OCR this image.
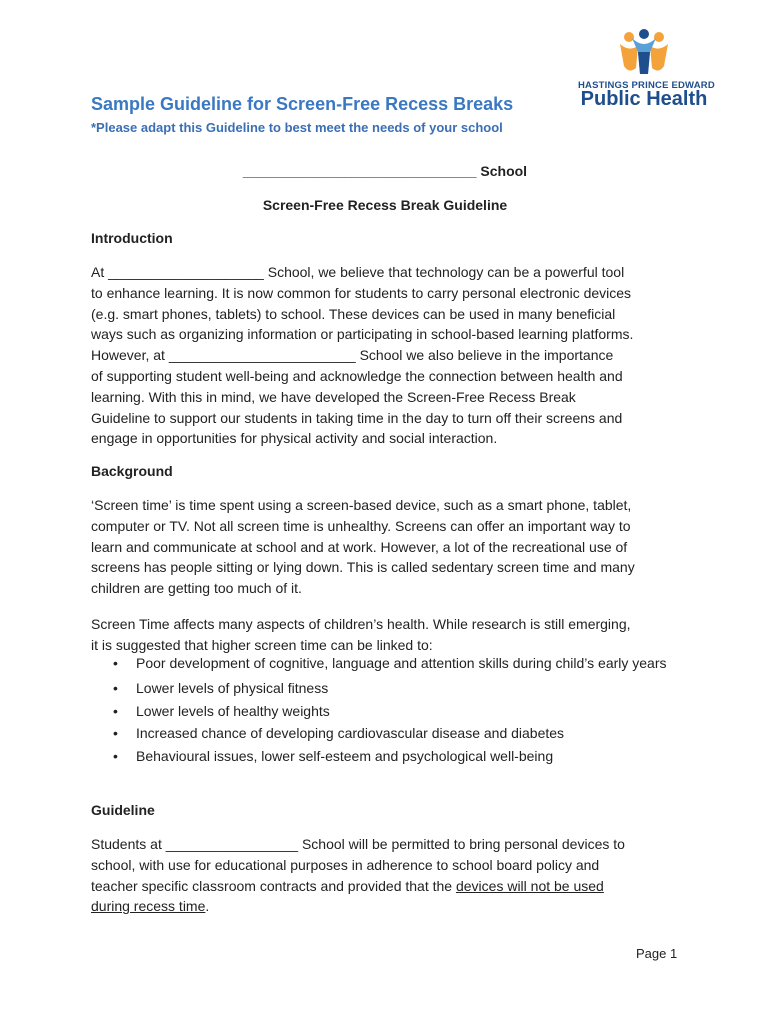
HASTINGS PRINCE EDWARD
Public Health
Sample Guideline for Screen-Free Recess Breaks
*Please adapt this Guideline to best meet the needs of your school
______________________________ School
Screen-Free Recess Break Guideline
Introduction
At ____________________ School, we believe that technology can be a powerful tool
to enhance learning. It is now common for students to carry personal electronic devices
(e.g. smart phones, tablets) to school. These devices can be used in many beneficial
ways such as organizing information or participating in school-based learning platforms.
However, at ________________________ School we also believe in the importance
of supporting student well-being and acknowledge the connection between health and
learning. With this in mind, we have developed the Screen-Free Recess Break
Guideline to support our students in taking time in the day to turn off their screens and
engage in opportunities for physical activity and social interaction.
Background
‘Screen time’ is time spent using a screen-based device, such as a smart phone, tablet,
computer or TV. Not all screen time is unhealthy. Screens can offer an important way to
learn and communicate at school and at work. However, a lot of the recreational use of
screens has people sitting or lying down. This is called sedentary screen time and many
children are getting too much of it.
Screen Time affects many aspects of children’s health. While research is still emerging,
it is suggested that higher screen time can be linked to:
• Poor development of cognitive, language and attention skills during child’s early years
• Lower levels of physical fitness
• Lower levels of healthy weights
• Increased chance of developing cardiovascular disease and diabetes
• Behavioural issues, lower self-esteem and psychological well-being
Guideline
Students at _________________ School will be permitted to bring personal devices to
school, with use for educational purposes in adherence to school board policy and
teacher specific classroom contracts and provided that the devices will not be used
during recess time.
Page 1
